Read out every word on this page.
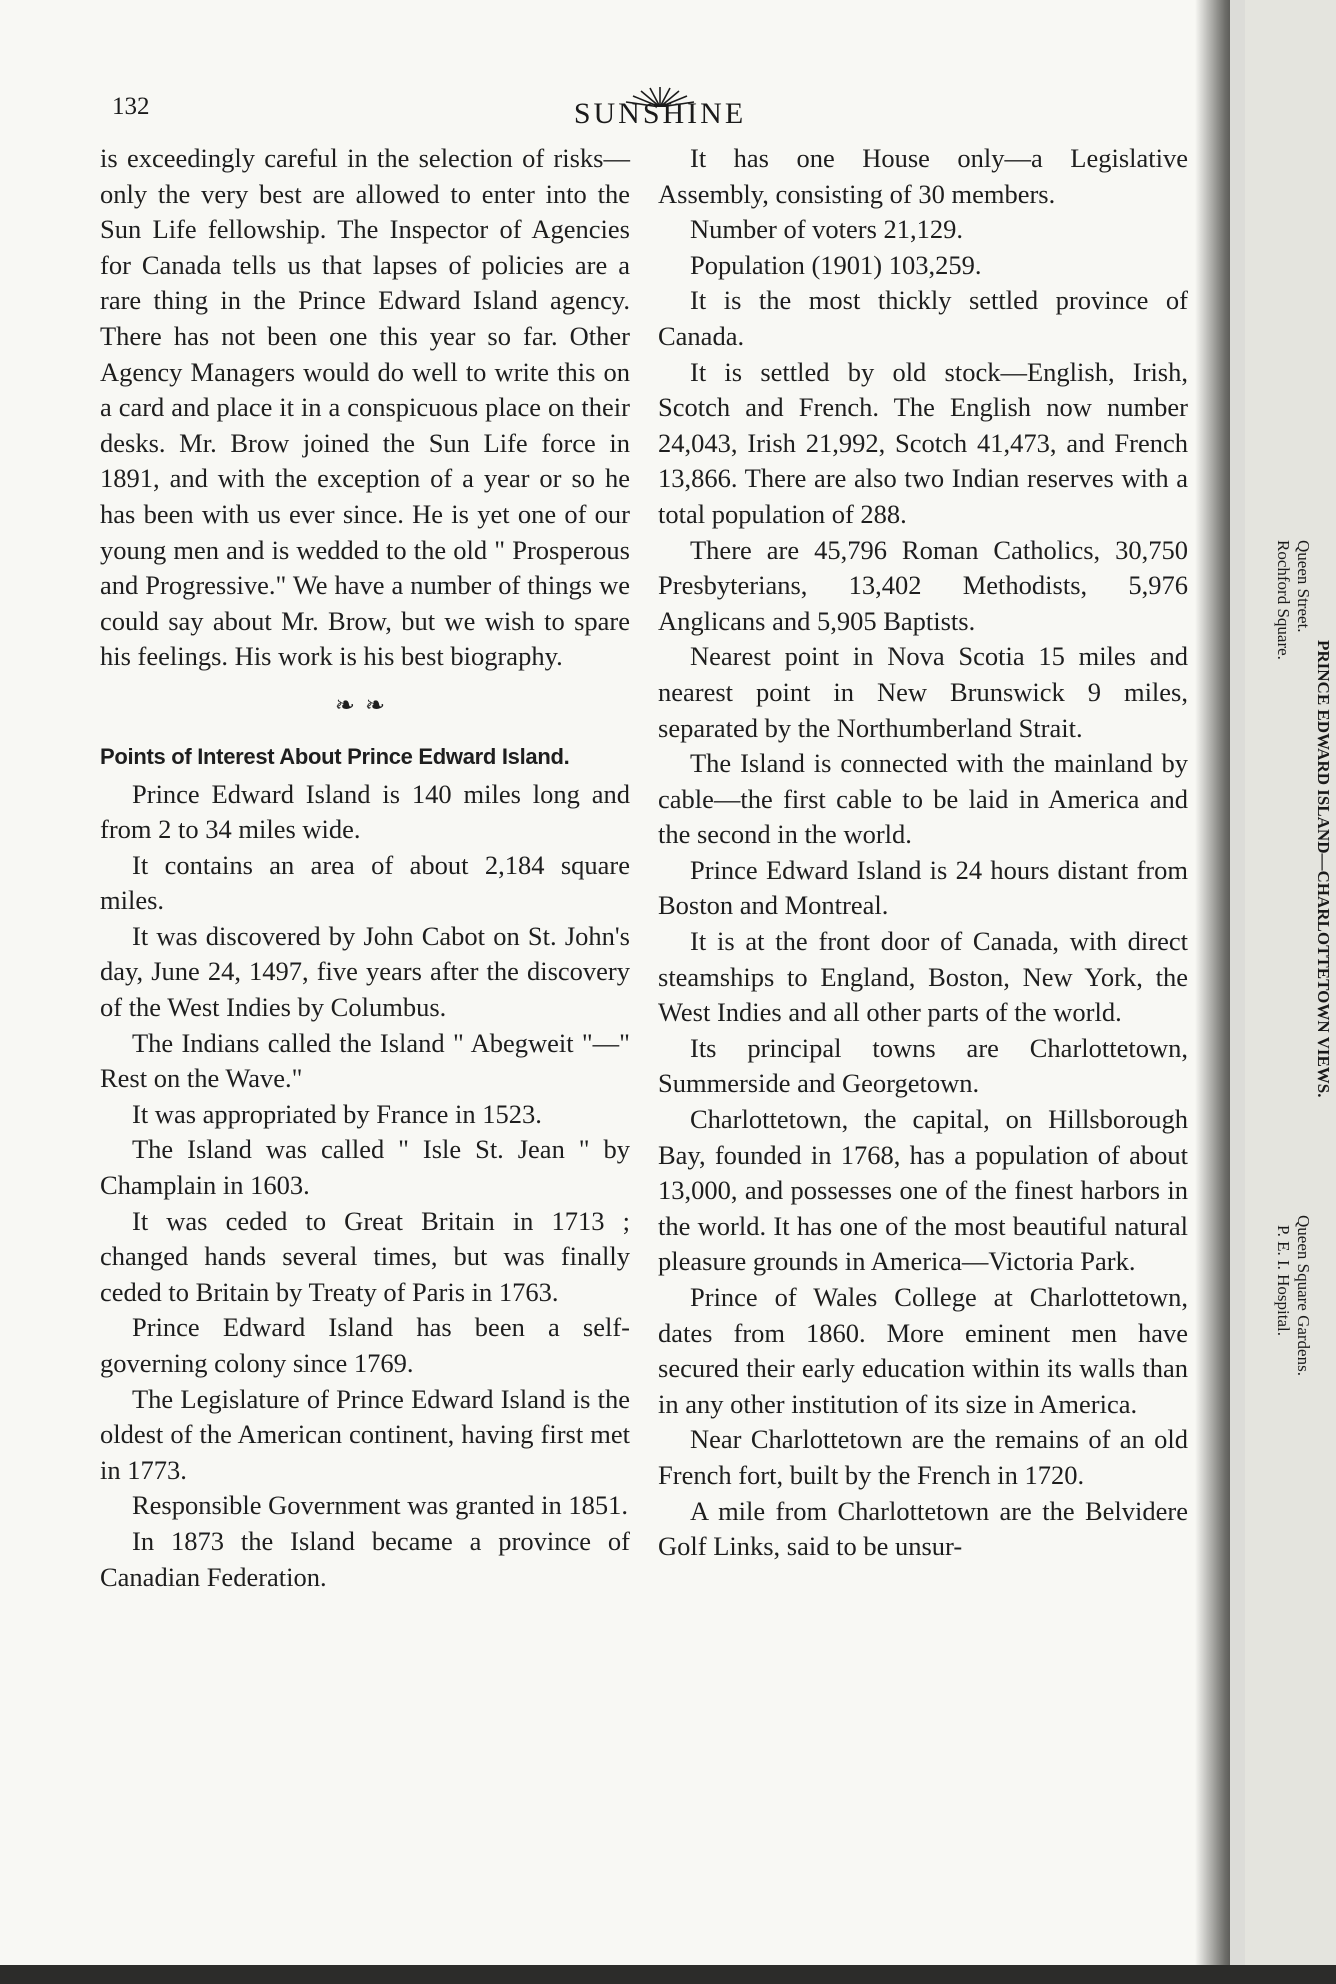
132	SUNSHINE

is exceedingly careful in the selection of risks—only the very best are allowed to enter into the Sun Life fellowship. The Inspector of Agencies for Canada tells us that lapses of policies are a rare thing in the Prince Edward Island agency. There has not been one this year so far. Other Agency Managers would do well to write this on a card and place it in a conspicuous place on their desks. Mr. Brow joined the Sun Life force in 1891, and with the exception of a year or so he has been with us ever since. He is yet one of our young men and is wedded to the old " Prosperous and Progressive." We have a number of things we could say about Mr. Brow, but we wish to spare his feelings. His work is his best biography.

❧❧
Points of Interest About Prince Edward Island.

Prince Edward Island is 140 miles long and from 2 to 34 miles wide.

It contains an area of about 2,184 square miles.

It was discovered by John Cabot on St. John's day, June 24, 1497, five years after the discovery of the West Indies by Columbus.

The Indians called the Island " Abegweit "—" Rest on the Wave."

It was appropriated by France in 1523.

The Island was called " Isle St. Jean " by Champlain in 1603.

It was ceded to Great Britain in 1713 ; changed hands several times, but was finally ceded to Britain by Treaty of Paris in 1763.

Prince Edward Island has been a self-governing colony since 1769.

The Legislature of Prince Edward Island is the oldest of the American continent, having first met in 1773.

Responsible Government was granted in 1851.

In 1873 the Island became a province of Canadian Federation.

It has one House only—a Legislative Assembly, consisting of 30 members.

Number of voters 21,129.

Population (1901) 103,259.

It is the most thickly settled province of Canada.

It is settled by old stock—English, Irish, Scotch and French. The English now number 24,043, Irish 21,992, Scotch 41,473, and French 13,866. There are also two Indian reserves with a total population of 288.

There are 45,796 Roman Catholics, 30,750 Presbyterians, 13,402 Methodists, 5,976 Anglicans and 5,905 Baptists.

Nearest point in Nova Scotia 15 miles and nearest point in New Brunswick 9 miles, separated by the Northumberland Strait.

The Island is connected with the mainland by cable—the first cable to be laid in America and the second in the world.

Prince Edward Island is 24 hours distant from Boston and Montreal.

It is at the front door of Canada, with direct steamships to England, Boston, New York, the West Indies and all other parts of the world.

Its principal towns are Charlottetown, Summerside and Georgetown.

Charlottetown, the capital, on Hillsborough Bay, founded in 1768, has a population of about 13,000, and possesses one of the finest harbors in the world. It has one of the most beautiful natural pleasure grounds in America—Victoria Park.

Prince of Wales College at Charlottetown, dates from 1860. More eminent men have secured their early education within its walls than in any other institution of its size in America.

Near Charlottetown are the remains of an old French fort, built by the French in 1720.

A mile from Charlottetown are the Belvidere Golf Links, said to be unsur-

PRINCE EDWARD ISLAND—CHARLOTTETOWN VIEWS.
Queen Street.
Rochford Square.
Queen Square Gardens.
P. E. I. Hospital.
